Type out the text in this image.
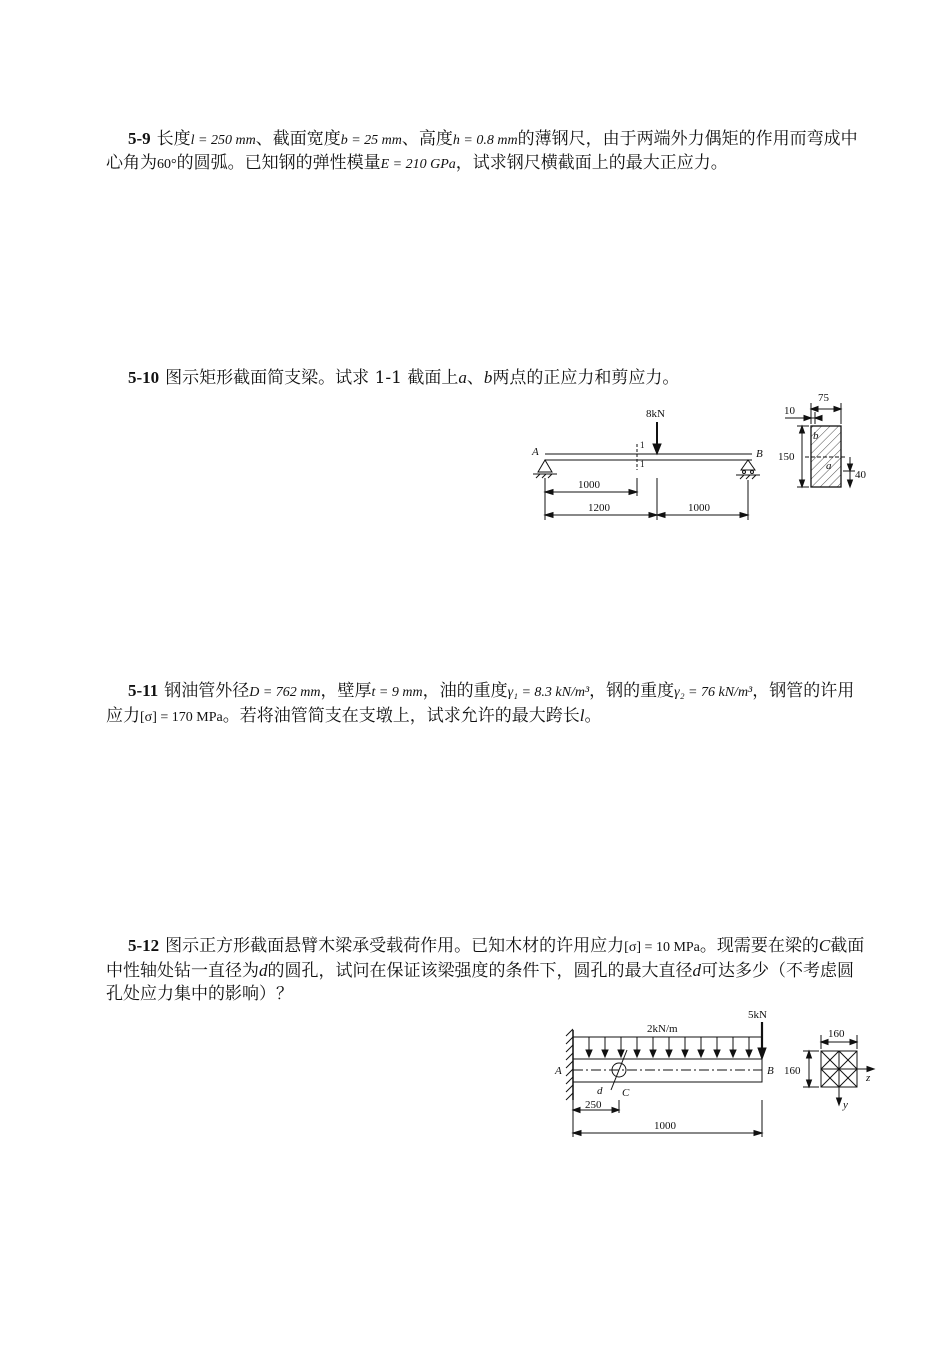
5-9 长度l = 250 mm、截面宽度b = 25 mm、高度h = 0.8 mm的薄钢尺，由于两端外力偶矩的作用而弯成中心角为60°的圆弧。已知钢的弹性模量E = 210 GPa，试求钢尺横截面上的最大正应力。
5-10 图示矩形截面简支梁。试求 1-1 截面上a、b两点的正应力和剪应力。
8kN
A	B
1
1
1000
1200	1000
75
10
150
40
a
b
5-11 钢油管外径D = 762 mm，壁厚t = 9 mm，油的重度γ₁ = 8.3 kN/m³，钢的重度γ₂ = 76 kN/m³，钢管的许用应力[σ] = 170 MPa。若将油管简支在支墩上，试求允许的最大跨长l。
5-12 图示正方形截面悬臂木梁承受载荷作用。已知木材的许用应力[σ] = 10 MPa。现需要在梁的C截面中性轴处钻一直径为d的圆孔，试问在保证该梁强度的条件下，圆孔的最大直径d可达多少（不考虑圆孔处应力集中的影响）？
5kN
2kN/m
A	B
C
d
250
1000
160
160
z
y
